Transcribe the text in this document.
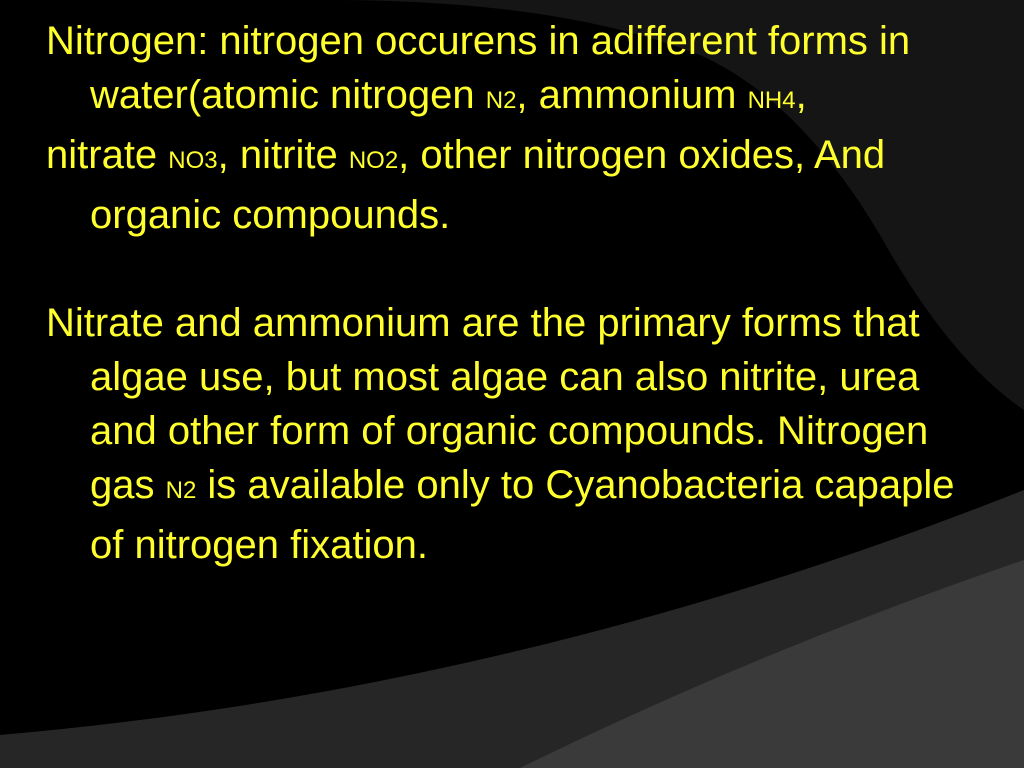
Nitrogen: nitrogen occurens in adifferent forms in water(atomic nitrogen N2, ammonium NH4,

nitrate NO3, nitrite NO2, other nitrogen oxides, And organic compounds.

Nitrate and ammonium are the primary forms that algae use, but most algae can also nitrite, urea and other form of organic compounds. Nitrogen gas N2 is available only to Cyanobacteria capaple of nitrogen fixation.
